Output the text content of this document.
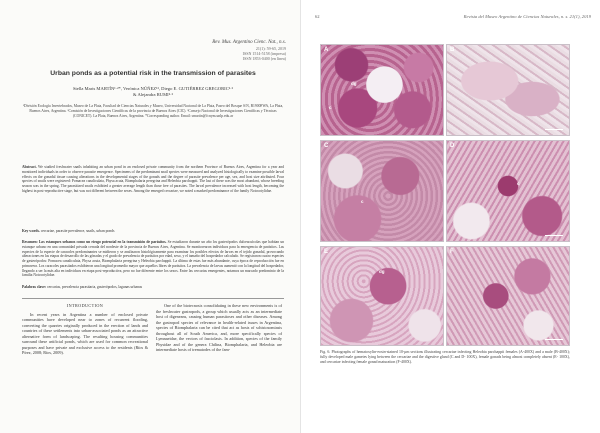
Rev. Mus. Argentino Cienc. Nat., n.s.
21(1): 59-65, 2019
ISSN 1514-5158 (impresa)
ISSN 1853-0400 (en línea)
Urban ponds as a potential risk in the transmission of parasites
Stella Maris MARTÍN¹·²*, Verónica NÚÑEZ¹³, Diego E. GUTIÉRREZ GREGORIC²·³
& Alejandra RUMI²·³
¹División Ecología Invertebrados, Museo de La Plata, Facultad de Ciencias Naturales y Museo, Universidad Nacional de La Plata, Paseo del Bosque S/N, B1900FWA, La Plata, Buenos Aires, Argentina. ²Comisión de Investigaciones Científicas de la provincia de Buenos Aires (CIC). ³Consejo Nacional de Investigaciones Científicas y Técnicas (CONICET). La Plata, Buenos Aires, Argentina. *Corresponding author. Email: smartin@fcnym.unlp.edu.ar

Abstract. We studied freshwater snails inhabiting an urban pond in an enclosed private community from the northern Province of Buenos Aires, Argentina for a year and monitored individuals in order to observe parasite emergence. Specimens of the predominant snail species were measured and analyzed histologically to examine possible larval effects on the gonadal tissue causing alterations in the developmental stages of the gonads and the degree of parasite prevalence per age, sex, and host size attributed. Four species of snails were registered: Pomacea canaliculata, Physa acuta, Biomphalaria peregrina and Heleobia parchappii. The last of these was the most abundant, whose breeding season was in the spring. The parasitized snails exhibited a greater average length than those free of parasites. The larval prevalence increased with host length, becoming the highest in post-reproductive stage, but was not different between the sexes. Among the emerged cercariae, we noted a marked predominance of the family Notocotylidae.

Key words. cercariae, parasite prevalence, snails, urban ponds

Resumen: Los estanques urbanos como un riesgo potencial en la transmisión de parásitos. Se estudiaron durante un año los gasterópodos dulceacuícolas que habitan un estanque urbano en una comunidad privada cerrada del nordeste de la provincia de Buenos Aires, Argentina. Se monitorearon individuos para la emergencia de parásitos. Las especies de la especie de caracoles predominantes se midieron y se analizaron histológicamente para examinar los posibles efectos de larvas en el tejido gonadal, provocando alteraciones en las etapas de desarrollo de las gónadas y el grado de prevalencia de parásitos por edad, sexo, y el tamaño del hospedador calculado. Se registraron cuatro especies de gasterópodos: Pomacea canaliculata, Physa acuta, Biomphalaria peregrina y Heleobia parchappii. La última de estas fue más abundante, cuya época de reproducción fue en primavera. Los caracoles parasitados exhibieron una longitud promedio mayor que aquellos libres de parásitos. La prevalencia de larvas aumentó con la longitud del hospedador, llegando a ser la más alta en individuos en etapa post-reproductiva, pero no fue diferente entre los sexos. Entre las cercarias emergentes, notamos un marcado predominio de la familia Notocotylidae.

Palabras clave: cercarias, prevalencia parasitaria, gasterópodos, lagunas urbanas

INTRODUCTION

In recent years in Argentina a number of enclosed private communities have developed near to zones of recurrent flooding, converting the quarries originally produced in the erection of lands and countries of these settlements into urban-associated ponds as an attractive alternative form of landscaping. The resulting housing communities surround these artificial ponds, which are used for common recreational purposes and have private and exclusive access to the residents (Ríos & Pírez, 2008; Ríos, 2009).

One of the biotecnosis consolidating in these new environments is of the freshwater gastropods, a group which usually acts as an intermediate host of digeneans, causing human parasitoses and other diseases. Among the gastropod species of relevance in health-related issues in Argentina, species of Biomphalaria can be cited that act as hosts of schistosomiasis throughout all of South America, and, more specifically species of Lymnaeidae, the vectors of fasciolasis. In addition, species of the family Physidae and of the genera Chilina, Biomphalaria, and Heleobia are intermediate hosts of trematodes of the fam-

62	Revista del Museo Argentino de Ciencias Naturales, n. s. 21(1), 2019
A
dg
c
B
C
c
D
c
E
dg
F

Fig. 6. Photographs of hematoxylin-eosin-stained 10-μm sections illustrating cercariae infecting Heleobia parchappii females (A-400X) and a male (B-400X); fully developed male gametes lying between the cercariae and the digestive gland (C and D- 100X), female gonads being almost completely absent (E- 100X), and cercariae infecting female gonad maturation (F-400X).
